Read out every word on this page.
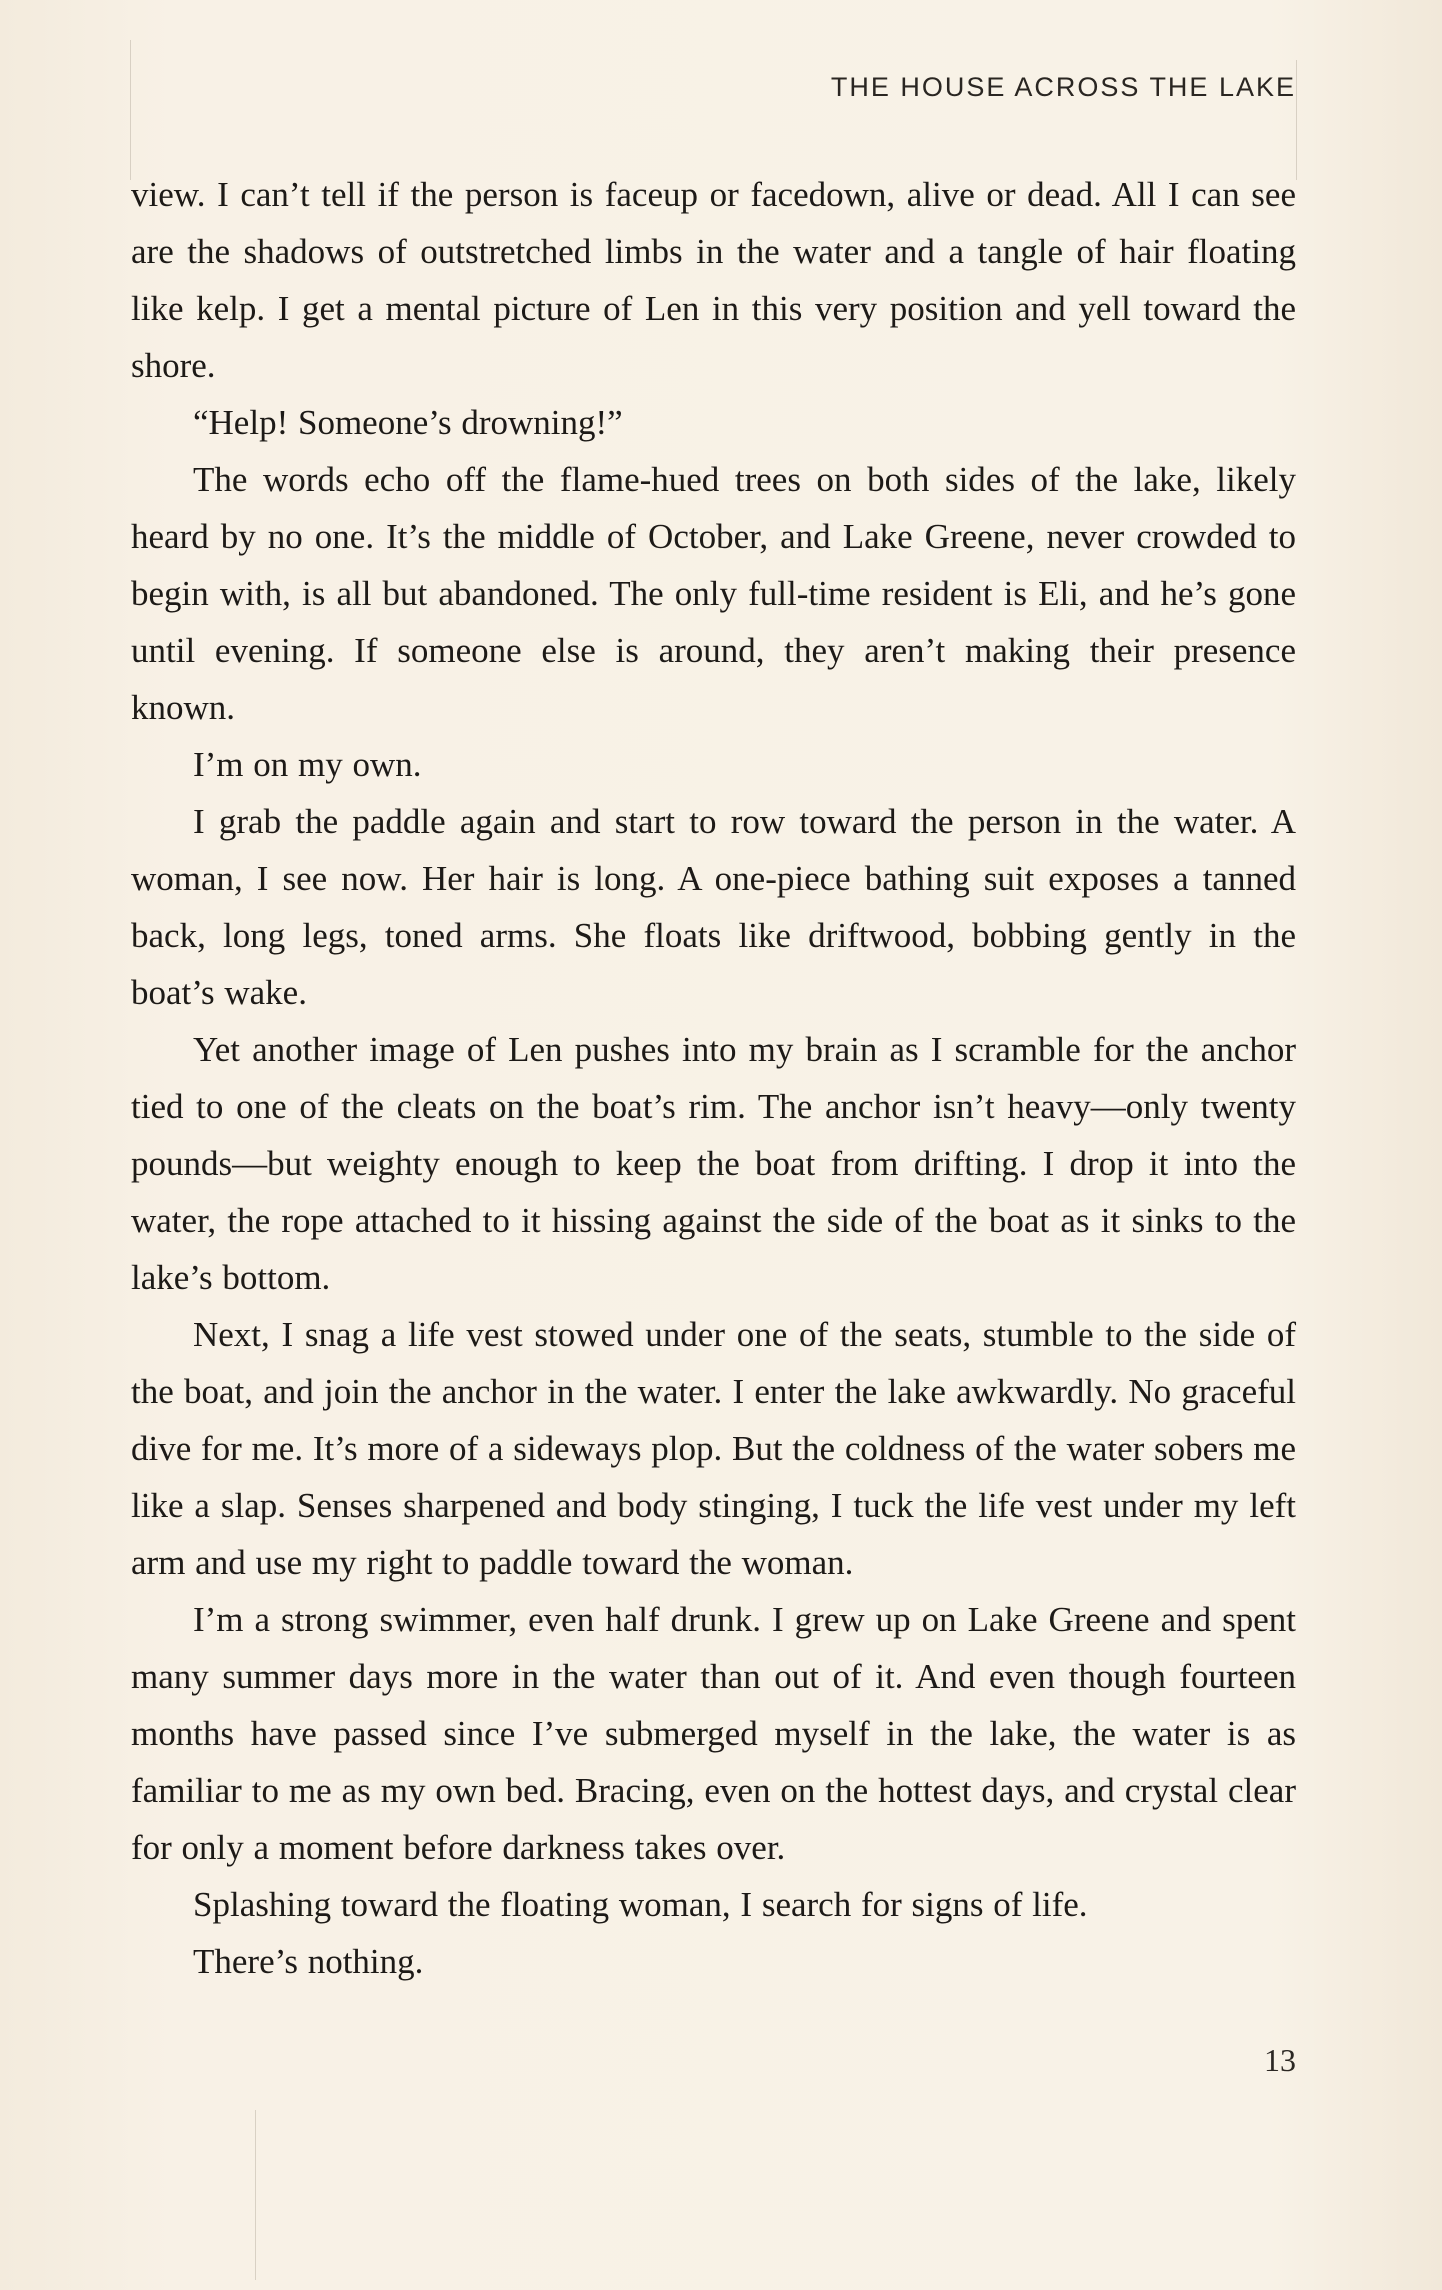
THE HOUSE ACROSS THE LAKE

view. I can’t tell if the person is faceup or facedown, alive or dead. All I can see are the shadows of outstretched limbs in the water and a tangle of hair floating like kelp. I get a mental picture of Len in this very position and yell toward the shore.

“Help! Someone’s drowning!”

The words echo off the flame-hued trees on both sides of the lake, likely heard by no one. It’s the middle of October, and Lake Greene, never crowded to begin with, is all but abandoned. The only full-time resident is Eli, and he’s gone until evening. If someone else is around, they aren’t making their presence known.

I’m on my own.

I grab the paddle again and start to row toward the person in the water. A woman, I see now. Her hair is long. A one-piece bathing suit exposes a tanned back, long legs, toned arms. She floats like driftwood, bobbing gently in the boat’s wake.

Yet another image of Len pushes into my brain as I scramble for the anchor tied to one of the cleats on the boat’s rim. The anchor isn’t heavy—only twenty pounds—but weighty enough to keep the boat from drifting. I drop it into the water, the rope attached to it hissing against the side of the boat as it sinks to the lake’s bottom.

Next, I snag a life vest stowed under one of the seats, stumble to the side of the boat, and join the anchor in the water. I enter the lake awkwardly. No graceful dive for me. It’s more of a sideways plop. But the coldness of the water sobers me like a slap. Senses sharpened and body stinging, I tuck the life vest under my left arm and use my right to paddle toward the woman.

I’m a strong swimmer, even half drunk. I grew up on Lake Greene and spent many summer days more in the water than out of it. And even though fourteen months have passed since I’ve submerged myself in the lake, the water is as familiar to me as my own bed. Bracing, even on the hottest days, and crystal clear for only a moment before darkness takes over.

Splashing toward the floating woman, I search for signs of life.

There’s nothing.

13
